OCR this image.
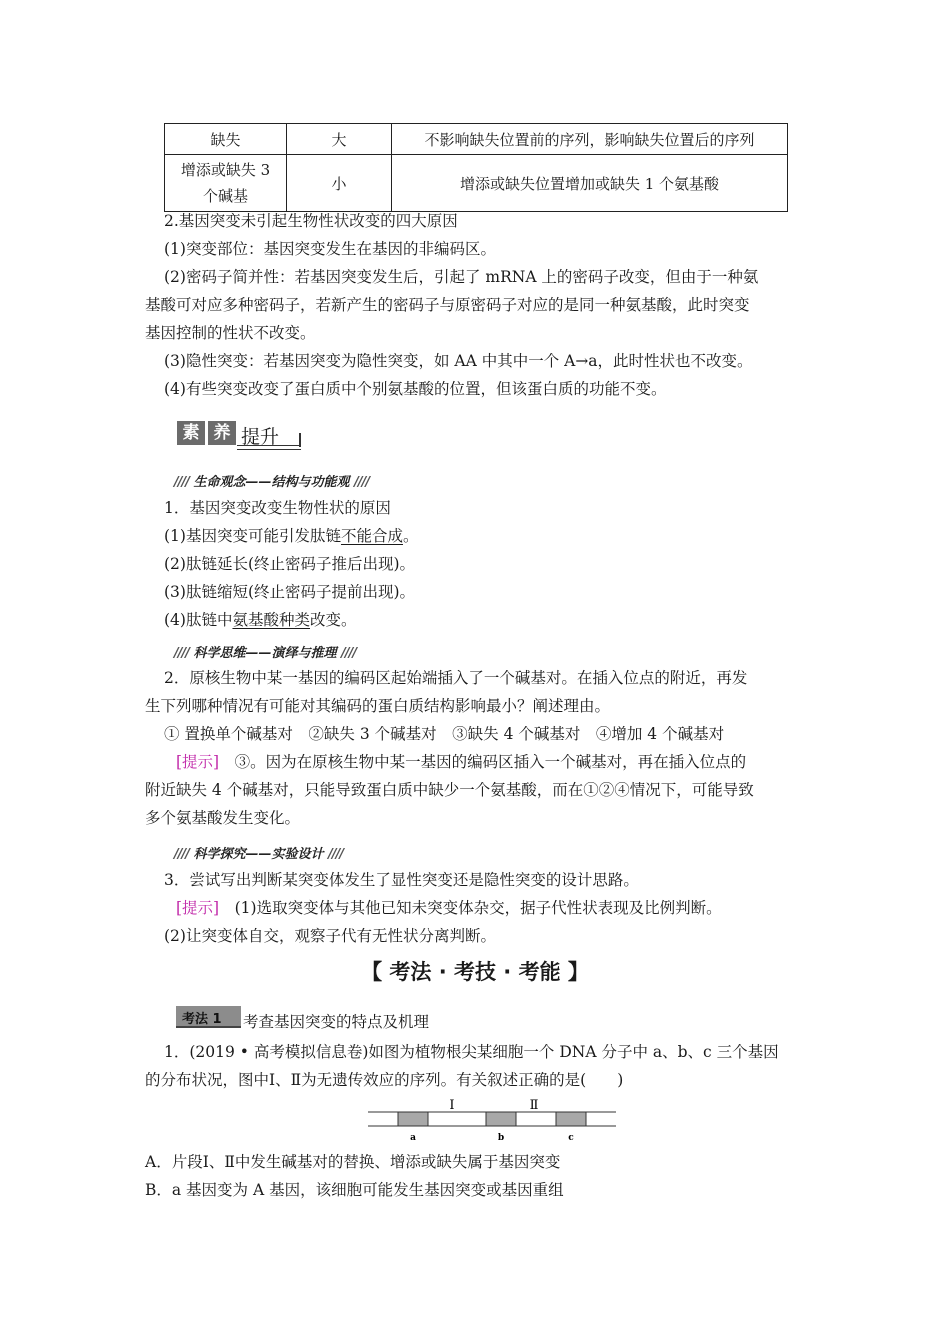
缺失	大	不影响缺失位置前的序列，影响缺失位置后的序列

增添或缺失 3
个碱基	小	增添或缺失位置增加或缺失 1 个氨基酸
2.基因突变未引起生物性状改变的四大原因
(1)突变部位：基因突变发生在基因的非编码区。
(2)密码子简并性：若基因突变发生后，引起了 mRNA 上的密码子改变，但由于一种氨
基酸可对应多种密码子，若新产生的密码子与原密码子对应的是同一种氨基酸，此时突变
基因控制的性状不改变。
(3)隐性突变：若基因突变为隐性突变，如 AA 中其中一个 A→a，此时性状也不改变。
(4)有些突变改变了蛋白质中个别氨基酸的位置，但该蛋白质的功能不变。
素 养 提升
//// 生命观念——结构与功能观 ////
1．基因突变改变生物性状的原因
(1)基因突变可能引发肽链不能合成。
(2)肽链延长(终止密码子推后出现)。
(3)肽链缩短(终止密码子提前出现)。
(4)肽链中氨基酸种类改变。
//// 科学思维——演绎与推理 ////
2．原核生物中某一基因的编码区起始端插入了一个碱基对。在插入位点的附近，再发
生下列哪种情况有可能对其编码的蛋白质结构影响最小？阐述理由。
① 置换单个碱基对　②缺失 3 个碱基对　③缺失 4 个碱基对　④增加 4 个碱基对
[提示]　③。因为在原核生物中某一基因的编码区插入一个碱基对，再在插入位点的
附近缺失 4 个碱基对，只能导致蛋白质中缺少一个氨基酸，而在①②④情况下，可能导致
多个氨基酸发生变化。
//// 科学探究——实验设计 ////
3．尝试写出判断某突变体发生了显性突变还是隐性突变的设计思路。
[提示]　(1)选取突变体与其他已知未突变体杂交，据子代性状表现及比例判断。
(2)让突变体自交，观察子代有无性状分离判断。
【 考法 · 考技 · 考能 】
考法 1 考查基因突变的特点及机理
1．(2019 • 高考模拟信息卷)如图为植物根尖某细胞一个 DNA 分子中 a、b、c 三个基因
的分布状况，图中Ⅰ、Ⅱ为无遗传效应的序列。有关叙述正确的是(　　)
Ⅰ	Ⅱ
a	b	c
A．片段Ⅰ、Ⅱ中发生碱基对的替换、增添或缺失属于基因突变
B．a 基因变为 A 基因，该细胞可能发生基因突变或基因重组
